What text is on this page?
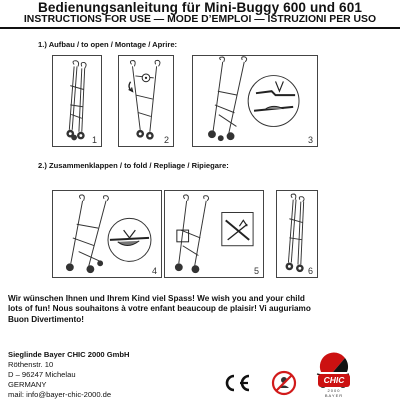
Bedienungsanleitung für Mini-Buggy 600 und 601
INSTRUCTIONS FOR USE — MODE D’EMPLOI — ISTRUZIONI PER USO
1.) Aufbau / to open / Montage / Aprire:
1	2	3
2.) Zusammenklappen / to fold / Repliage / Ripiegare:
4	5	6
Wir wünschen Ihnen und Ihrem Kind viel Spass! We wish you and your child
lots of fun! Nous souhaitons à votre enfant beaucoup de plaisir! Vi auguriamo
Buon Divertimento!
Sieglinde Bayer CHIC 2000 GmbH
Röthenstr. 10
D – 96247 Michelau
GERMANY
mail: info@bayer-chic-2000.de
CHIC
2000 BAYER
